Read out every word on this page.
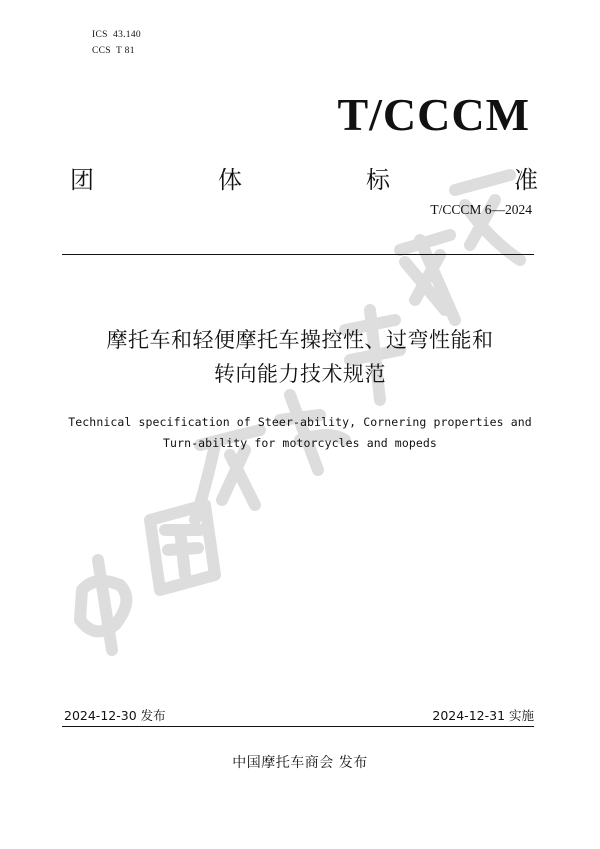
ICS  43.140
CCS  T 81
T/CCCM
团	体	标	准
T/CCCM 6—2024
摩托车和轻便摩托车操控性、过弯性能和
转向能力技术规范
Technical specification of Steer-ability, Cornering properties and
Turn-ability for motorcycles and mopeds
2024-12-30 发布	2024-12-31 实施
中国摩托车商会 发布
